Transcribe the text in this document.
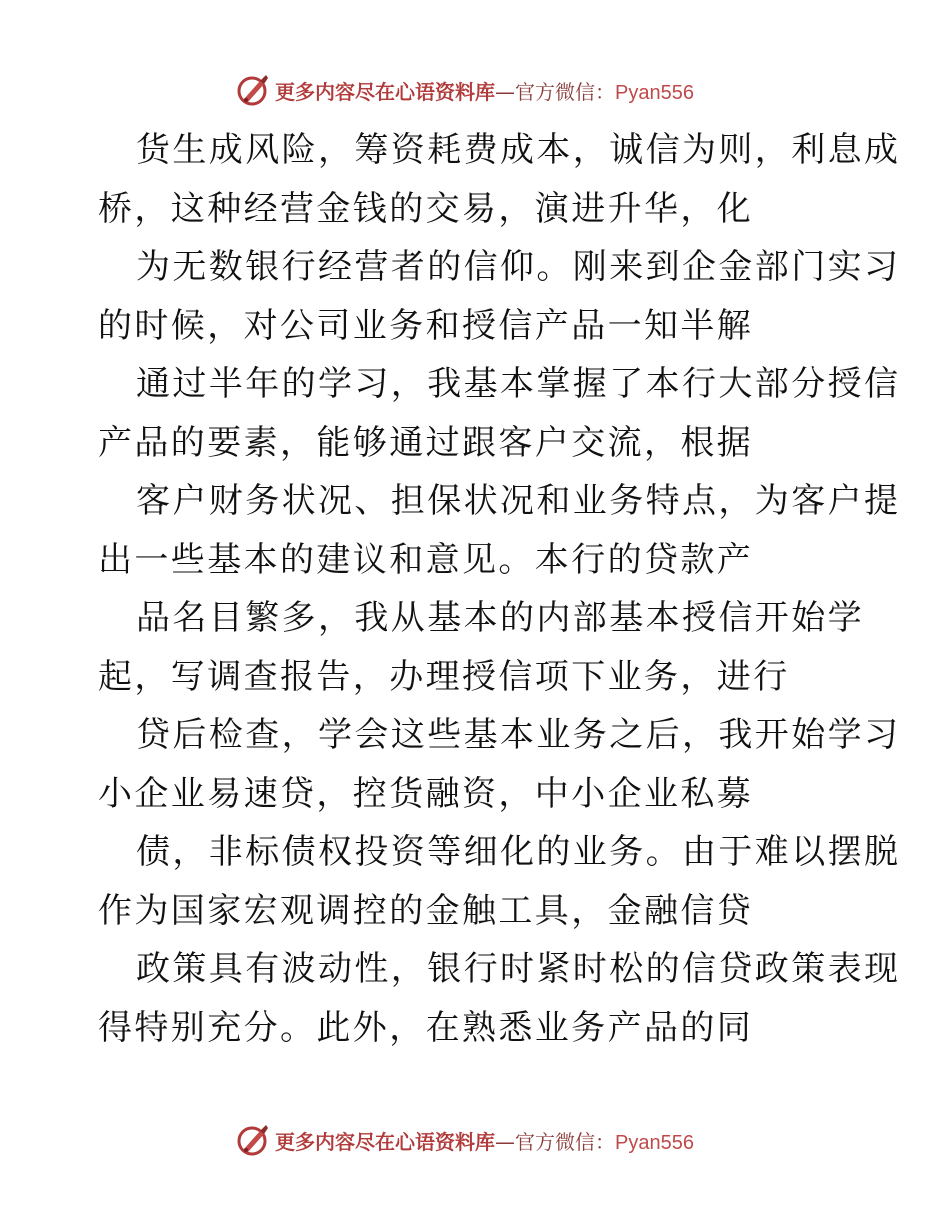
更多内容尽在心语资料库—官方微信：Pyan556
货生成风险，筹资耗费成本，诚信为则，利息成
桥，这种经营金钱的交易，演进升华，化
为无数银行经营者的信仰。刚来到企金部门实习
的时候，对公司业务和授信产品一知半解
通过半年的学习，我基本掌握了本行大部分授信
产品的要素，能够通过跟客户交流，根据
客户财务状况、担保状况和业务特点，为客户提
出一些基本的建议和意见。本行的贷款产
品名目繁多，我从基本的内部基本授信开始学
起，写调查报告，办理授信项下业务，进行
贷后检查，学会这些基本业务之后，我开始学习
小企业易速贷，控货融资，中小企业私募
债，非标债权投资等细化的业务。由于难以摆脱
作为国家宏观调控的金触工具，金融信贷
政策具有波动性，银行时紧时松的信贷政策表现
得特别充分。此外，在熟悉业务产品的同
更多内容尽在心语资料库—官方微信：Pyan556
